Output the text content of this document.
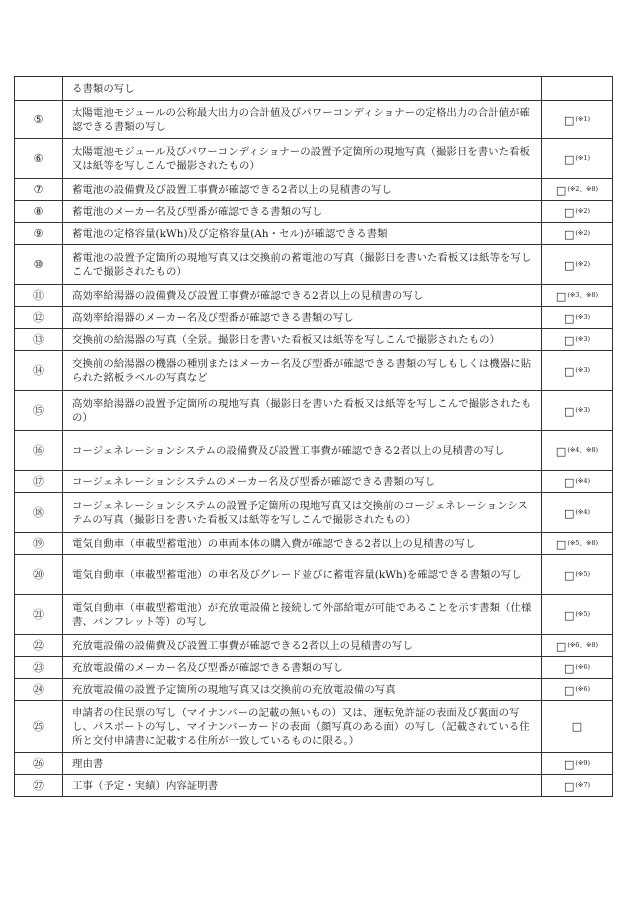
	る書類の写し	
⑤	太陽電池モジュールの公称最大出力の合計値及びパワーコンディショナーの定格出力の合計値が確認できる書類の写し	□$^{(※1)}$
⑥	太陽電池モジュール及びパワーコンディショナーの設置予定箇所の現地写真（撮影日を書いた看板又は紙等を写しこんで撮影されたもの）	□$^{(※1)}$
⑦	蓄電池の設備費及び設置工事費が確認できる2者以上の見積書の写し	□$^{(※2、※8)}$
⑧	蓄電池のメーカー名及び型番が確認できる書類の写し	□$^{(※2)}$
⑨	蓄電池の定格容量(kWh)及び定格容量(Ah・セル)が確認できる書類	□$^{(※2)}$
⑩	蓄電池の設置予定箇所の現地写真又は交換前の蓄電池の写真（撮影日を書いた看板又は紙等を写しこんで撮影されたもの）	□$^{(※2)}$
⑪	高効率給湯器の設備費及び設置工事費が確認できる2者以上の見積書の写し	□$^{(※3、※8)}$
⑫	高効率給湯器のメーカー名及び型番が確認できる書類の写し	□$^{(※3)}$
⑬	交換前の給湯器の写真（全景。撮影日を書いた看板又は紙等を写しこんで撮影されたもの）	□$^{(※3)}$
⑭	交換前の給湯器の機器の種別またはメーカー名及び型番が確認できる書類の写しもしくは機器に貼られた銘板ラベルの写真など	□$^{(※3)}$
⑮	高効率給湯器の設置予定箇所の現地写真（撮影日を書いた看板又は紙等を写しこんで撮影されたもの）	□$^{(※3)}$
⑯	コージェネレーションシステムの設備費及び設置工事費が確認できる2者以上の見積書の写し	□$^{(※4、※8)}$
⑰	コージェネレーションシステムのメーカー名及び型番が確認できる書類の写し	□$^{(※4)}$
⑱	コージェネレーションシステムの設置予定箇所の現地写真又は交換前のコージェネレーションシステムの写真（撮影日を書いた看板又は紙等を写しこんで撮影されたもの）	□$^{(※4)}$
⑲	電気自動車（車載型蓄電池）の車両本体の購入費が確認できる2者以上の見積書の写し	□$^{(※5、※8)}$
⑳	電気自動車（車載型蓄電池）の車名及びグレード並びに蓄電容量(kWh)を確認できる書類の写し	□$^{(※5)}$
㉑	電気自動車（車載型蓄電池）が充放電設備と接続して外部給電が可能であることを示す書類（仕様書、パンフレット等）の写し	□$^{(※5)}$
㉒	充放電設備の設備費及び設置工事費が確認できる2者以上の見積書の写し	□$^{(※6、※8)}$
㉓	充放電設備のメーカー名及び型番が確認できる書類の写し	□$^{(※6)}$
㉔	充放電設備の設置予定箇所の現地写真又は交換前の充放電設備の写真	□$^{(※6)}$
㉕	申請者の住民票の写し（マイナンバーの記載の無いもの）又は、運転免許証の表面及び裏面の写し、パスポートの写し、マイナンバーカードの表面（顔写真のある面）の写し（記載されている住所と交付申請書に記載する住所が一致しているものに限る。）	□
㉖	理由書	□$^{(※9)}$
㉗	工事（予定・実績）内容証明書	□$^{(※7)}$
